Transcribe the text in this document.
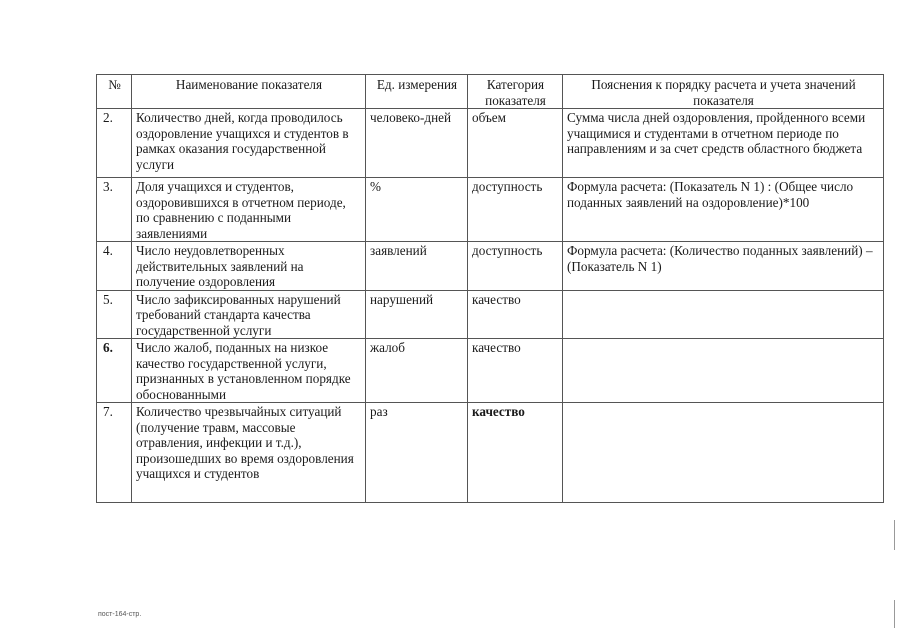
№	Наименование показателя	Ед. измерения	Категория показателя	Пояснения к порядку расчета и учета значений показателя
2.	Количество дней, когда проводилось оздоровление учащихся и студентов в рамках оказания государственной услуги	человеко-дней	объем	Сумма числа дней оздоровления, пройденного всеми учащимися и студентами в отчетном периоде по направлениям и за счет средств областного бюджета
3.	Доля учащихся и студентов, оздоровившихся в отчетном периоде, по сравнению с поданными заявлениями	%	доступность	Формула расчета: (Показатель N 1) : (Общее число поданных заявлений на оздоровление)*100
4.	Число неудовлетворенных действительных заявлений на получение оздоровления	заявлений	доступность	Формула расчета: (Количество поданных заявлений) – (Показатель N 1)
5.	Число зафиксированных нарушений требований стандарта качества государственной услуги	нарушений	качество	
6.	Число жалоб, поданных на низкое качество государственной услуги, признанных в установленном порядке обоснованными	жалоб	качество	
7.	Количество чрезвычайных ситуаций (получение травм, массовые отравления, инфекции и т.д.), произошедших во время оздоровления учащихся и студентов	раз	качество	
пост-164-стр.
